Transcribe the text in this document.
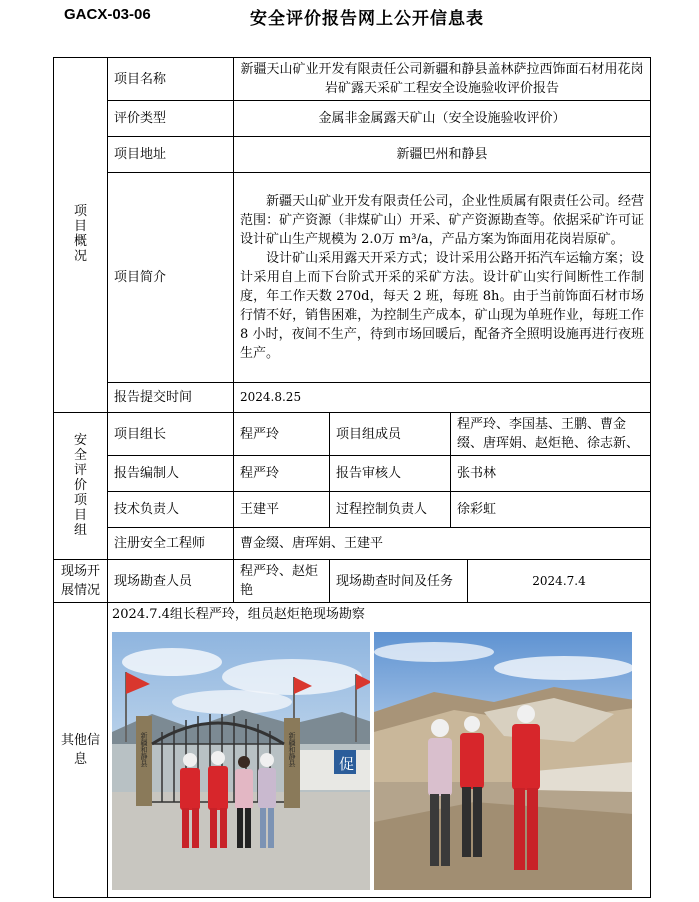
GACX-03-06	安全评价报告网上公开信息表
项目概况	项目名称	新疆天山矿业开发有限责任公司新疆和静县盖林萨拉西饰面石材用花岗岩矿露天采矿工程安全设施验收评价报告			
	评价类型	金属非金属露天矿山（安全设施验收评价）			
	项目地址	新疆巴州和静县			
	项目简介	新疆天山矿业开发有限责任公司，企业性质属有限责任公司。经营范围：矿产资源（非煤矿山）开采、矿产资源勘查等。依据采矿许可证设计矿山生产规模为 2.0万 m³/a，产品方案为饰面用花岗岩原矿。

设计矿山采用露天开采方式；设计采用公路开拓汽车运输方案；设计采用自上而下台阶式开采的采矿方法。设计矿山实行间断性工作制度，年工作天数 270d，每天 2 班，每班 8h。由于当前饰面石材市场行情不好，销售困难，为控制生产成本，矿山现为单班作业，每班工作 8 小时，夜间不生产，待到市场回暖后，配备齐全照明设施再进行夜班生产。			

	报告提交时间	2024.8.25			
安全评价项目组	项目组长	程严玲	项目组成员	程严玲、李国基、王鹏、曹金缀、唐珲娟、赵炬艳、徐志新、	
	报告编制人	程严玲	报告审核人	张书林	
	技术负责人	王建平	过程控制负责人	徐彩虹	
	注册安全工程师	曹金缀、唐珲娟、王建平			
现场开展情况	现场勘查人员	程严玲、赵炬艳	现场勘查时间及任务		2024.7.4
其他信息	2024.7.4组长程严玲，组员赵炬艳现场勘察
新疆和静县 新疆和静县 促				
